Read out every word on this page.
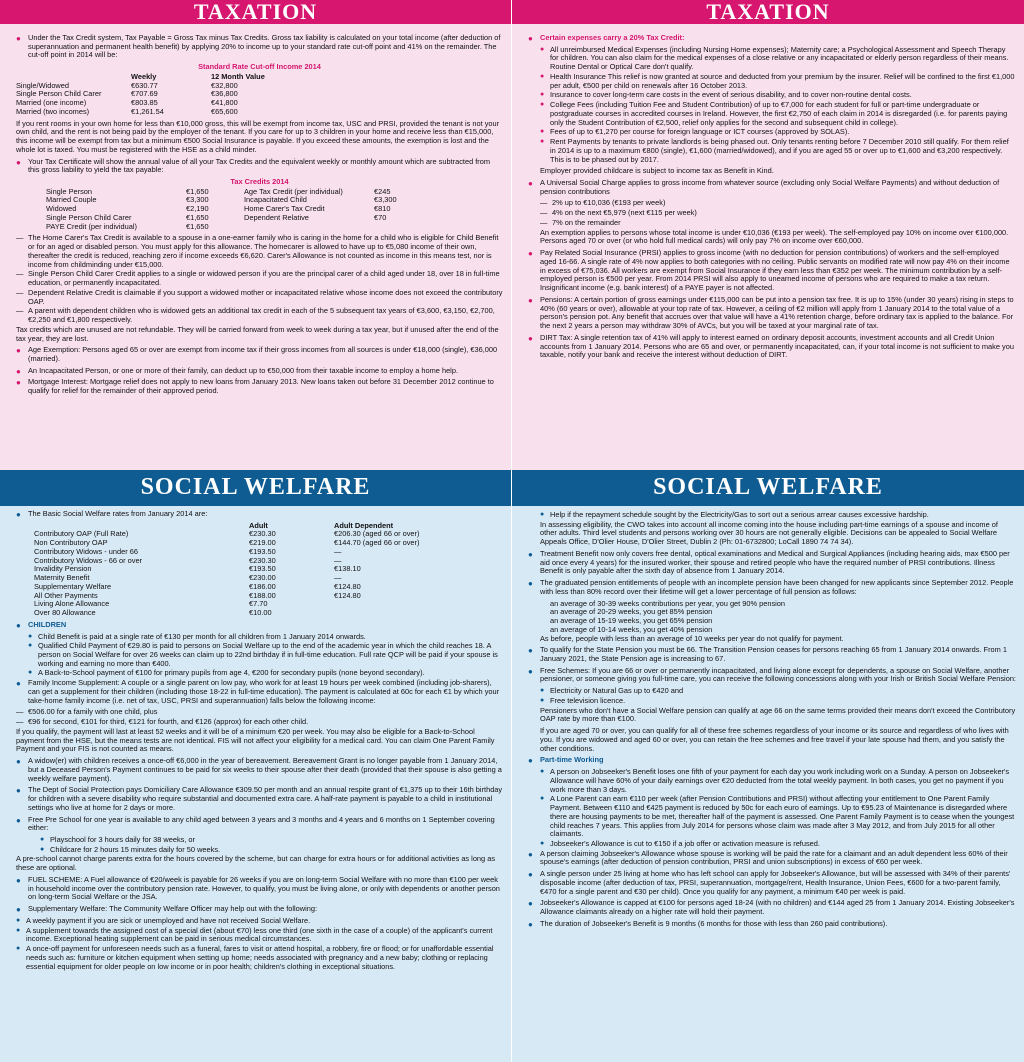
TAXATION
● Under the Tax Credit system, Tax Payable = Gross Tax minus Tax Credits. Gross tax liability is calculated on your total income (after deduction of superannuation and permanent health benefit) by applying 20% to income up to your standard rate cut-off point and 41% on the remainder. The cut-off point in 2014 will be:
Standard Rate Cut-off Income 2014
	Weekly	12 Month Value
Single/Widowed	€630.77	€32,800
Single Person Child Carer	€707.69	€36,800
Married (one income)	€803.85	€41,800
Married (two incomes)	€1,261.54	€65,600

If you rent rooms in your own home for less than €10,000 gross, this will be exempt from income tax, USC and PRSI, provided the tenant is not your own child, and the rent is not being paid by the employer of the tenant. If you care for up to 3 children in your home and receive less than €15,000, this income will be exempt from tax but a minimum €500 Social Insurance is payable. If you exceed these amounts, the exemption is lost and the whole lot is taxed. You must be registered with the HSE as a child minder.

● Your Tax Certificate will show the annual value of all your Tax Credits and the equivalent weekly or monthly amount which are subtracted from this gross liability to yield the tax payable:
Tax Credits 2014
Single Person	€1,650	Age Tax Credit (per individual)	€245
Married Couple	€3,300	Incapacitated Child	€3,300
Widowed	€2,190	Home Carer's Tax Credit	€810
Single Person Child Carer	€1,650	Dependent Relative	€70
PAYE Credit (per individual)	€1,650		
— The Home Carer's Tax Credit is available to a spouse in a one-earner family who is caring in the home for a child who is eligible for Child Benefit or for an aged or disabled person. You must apply for this allowance. The homecarer is allowed to have up to €5,080 income of their own, thereafter the credit is reduced, reaching zero if income exceeds €6,620. Carer's Allowance is not counted as income in this means test, nor is income from childminding under €15,000.
— Single Person Child Carer Credit applies to a single or widowed person if you are the principal carer of a child aged under 18, over 18 in full-time education, or permanently incapacitated.
— Dependent Relative Credit is claimable if you support a widowed mother or incapacitated relative whose income does not exceed the contributory OAP.
— A parent with dependent children who is widowed gets an additional tax credit in each of the 5 subsequent tax years of €3,600, €3,150, €2,700, €2,250 and €1,800 respectively.

Tax credits which are unused are not refundable. They will be carried forward from week to week during a tax year, but if unused after the end of the tax year, they are lost.

● Age Exemption: Persons aged 65 or over are exempt from income tax if their gross incomes from all sources is under €18,000 (single), €36,000 (married).
● An Incapacitated Person, or one or more of their family, can deduct up to €50,000 from their taxable income to employ a home help.
● Mortgage Interest: Mortgage relief does not apply to new loans from January 2013. New loans taken out before 31 December 2012 continue to qualify for relief for the remainder of their approved period.
TAXATION
● Certain expenses carry a 20% Tax Credit:
● All unreimbursed Medical Expenses (including Nursing Home expenses); Maternity care; a Psychological Assessment and Speech Therapy for children. You can also claim for the medical expenses of a close relative or any incapacitated or elderly person regardless of their means. Routine Dental or Optical Care don't qualify.
● Health Insurance This relief is now granted at source and deducted from your premium by the insurer. Relief will be confined to the first €1,000 per adult, €500 per child on renewals after 16 October 2013.
● Insurance to cover long-term care costs in the event of serious disability, and to cover non-routine dental costs.
● College Fees (including Tuition Fee and Student Contribution) of up to €7,000 for each student for full or part-time undergraduate or postgraduate courses in accredited courses in Ireland. However, the first €2,750 of each claim in 2014 is disregarded (i.e. for parents paying only the Student Contribution of €2,500, relief only applies for the second and subsequent child in college).
● Fees of up to €1,270 per course for foreign language or ICT courses (approved by SOLAS).
● Rent Payments by tenants to private landlords is being phased out. Only tenants renting before 7 December 2010 still qualify. For them relief in 2014 is up to a maximum €800 (single), €1,600 (married/widowed), and if you are aged 55 or over up to €1,600 and €3,200 respectively. This is to be phased out by 2017.

Employer provided childcare is subject to income tax as Benefit in Kind.

● A Universal Social Charge applies to gross income from whatever source (excluding only Social Welfare Payments) and without deduction of pension contributions
— 2% up to €10,036 (€193 per week)
— 4% on the next €5,979 (next €115 per week)
— 7% on the remainder

An exemption applies to persons whose total income is under €10,036 (€193 per week). The self-employed pay 10% on income over €100,000. Persons aged 70 or over (or who hold full medical cards) will only pay 7% on income over €60,000.

● Pay Related Social Insurance (PRSI) applies to gross income (with no deduction for pension contributions) of workers and the self-employed aged 16-66. A single rate of 4% now applies to both categories with no ceiling. Public servants on modified rate will now pay 4% on their income in excess of €75,036. All workers are exempt from Social Insurance if they earn less than €352 per week. The minimum contribution by a self-employed person is €500 per year. From 2014 PRSI will also apply to unearned income of persons who are required to make a tax return. Insignificant income (e.g. bank interest) of a PAYE payer is not affected.
● Pensions: A certain portion of gross earnings under €115,000 can be put into a pension tax free. It is up to 15% (under 30 years) rising in steps to 40% (60 years or over), allowable at your top rate of tax. However, a ceiling of €2 million will apply from 1 January 2014 to the total value of a person's pension pot. Any benefit that accrues over that value will have a 41% retention charge, before ordinary tax is applied to the balance. For the next 2 years a person may withdraw 30% of AVCs, but you will be taxed at your marginal rate of tax.
● DIRT Tax: A single retention tax of 41% will apply to interest earned on ordinary deposit accounts, investment accounts and all Credit Union accounts from 1 January 2014. Persons who are 65 and over, or permanently incapacitated, can, if your total income is not sufficient to make you taxable, notify your bank and receive the interest without deduction of DIRT.
SOCIAL WELFARE
● The Basic Social Welfare rates from January 2014 are:
	Adult	Adult Dependent
Contributory OAP (Full Rate)	€230.30	€206.30 (aged 66 or over)
Non Contributory OAP	€219.00	€144.70 (aged 66 or over)
Contributory Widows - under 66	€193.50	—
Contributory Widows - 66 or over	€230.30	—
Invalidity Pension	€193.50	€138.10
Maternity Benefit	€230.00	—
Supplementary Welfare	€186.00	€124.80
All Other Payments	€188.00	€124.80
Living Alone Allowance	€7.70	
Over 80 Allowance	€10.00	
● CHILDREN
● Child Benefit is paid at a single rate of €130 per month for all children from 1 January 2014 onwards.
● Qualified Child Payment of €29.80 is paid to persons on Social Welfare up to the end of the academic year in which the child reaches 18. A person on Social Welfare for over 26 weeks can claim up to 22nd birthday if in full-time education. Full rate QCP will be paid if your spouse is working and earning no more than €400.
● A Back-to-School payment of €100 for primary pupils from age 4, €200 for secondary pupils (none beyond secondary).
● Family Income Supplement: A couple or a single parent on low pay, who work for at least 19 hours per week combined (including job-sharers), can get a supplement for their children (including those 18-22 in full-time education). The payment is calculated at 60c for each €1 by which your take-home family income (i.e. net of tax, USC, PRSI and superannuation) falls below the following income:
— €506.00 for a family with one child, plus
— €96 for second, €101 for third, €121 for fourth, and €126 (approx) for each other child.

If you qualify, the payment will last at least 52 weeks and it will be of a minimum €20 per week. You may also be eligible for a Back-to-School payment from the HSE, but the means tests are not identical. FIS will not affect your eligibility for a medical card. You can claim One Parent Family Payment and your FIS is not counted as means.

● A widow(er) with children receives a once-off €6,000 in the year of bereavement. Bereavement Grant is no longer payable from 1 January 2014, but a Deceased Person's Payment continues to be paid for six weeks to their spouse after their death (provided that their spouse is also getting a weekly welfare payment).
● The Dept of Social Protection pays Domiciliary Care Allowance €309.50 per month and an annual respite grant of €1,375 up to their 16th birthday for children with a severe disability who require substantial and documented extra care. A half-rate payment is payable to a child in institutional settings who live at home for 2 days or more.
● Free Pre School for one year is available to any child aged between 3 years and 3 months and 4 years and 6 months on 1 September covering either:
● Playschool for 3 hours daily for 38 weeks, or
● Childcare for 2 hours 15 minutes daily for 50 weeks.

A pre-school cannot charge parents extra for the hours covered by the scheme, but can charge for extra hours or for additional activities as long as these are optional.

● FUEL SCHEME: A Fuel allowance of €20/week is payable for 26 weeks if you are on long-term Social Welfare with no more than €100 per week in household income over the contributory pension rate. However, to qualify, you must be living alone, or only with dependents or another person on long-term Social Welfare or the JSA.
● Supplementary Welfare: The Community Welfare Officer may help out with the following:
● A weekly payment if you are sick or unemployed and have not received Social Welfare.
● A supplement towards the assigned cost of a special diet (about €70) less one third (one sixth in the case of a couple) of the applicant's current income. Exceptional heating supplement can be paid in serious medical circumstances.
● A once-off payment for unforeseen needs such as a funeral, fares to visit or attend hospital, a robbery, fire or flood; or for unaffordable essential needs such as: furniture or kitchen equipment when setting up home; needs associated with pregnancy and a new baby; clothing or replacing essential equipment for older people on low income or in poor health; children's clothing in exceptional situations.
SOCIAL WELFARE
● Help if the repayment schedule sought by the Electricity/Gas to sort out a serious arrear causes excessive hardship.

In assessing eligibility, the CWO takes into account all income coming into the house including part-time earnings of a spouse and income of other adults. Third level students and persons working over 30 hours are not generally eligible. Decisions can be appealed to Social Welfare Appeals Office, D'Olier House, D'Olier Street, Dublin 2 (Ph: 01-6732800; LoCall 1890 74 74 34).

● Treatment Benefit now only covers free dental, optical examinations and Medical and Surgical Appliances (including hearing aids, max €500 per aid once every 4 years) for the insured worker, their spouse and retired people who have the required number of PRSI contributions. Illness Benefit is only payable after the sixth day of absence from 1 January 2014.
● The graduated pension entitlements of people with an incomplete pension have been changed for new applicants since September 2012. People with less than 80% record over their lifetime will get a lower percentage of full pension as follows:
an average of 30-39 weeks contributions per year, you get 90% pension
an average of 20-29 weeks, you get 85% pension
an average of 15-19 weeks, you get 65% pension
an average of 10-14 weeks, you get 40% pension

As before, people with less than an average of 10 weeks per year do not qualify for payment.

● To qualify for the State Pension you must be 66. The Transition Pension ceases for persons reaching 65 from 1 January 2014 onwards. From 1 January 2021, the State Pension age is increasing to 67.
● Free Schemes: If you are 66 or over or permanently incapacitated, and living alone except for dependents, a spouse on Social Welfare, another pensioner, or someone giving you full-time care, you can receive the following concessions along with your Irish or British Social Welfare Pension:
● Electricity or Natural Gas up to €420 and
● Free television licence.

Pensioners who don't have a Social Welfare pension can qualify at age 66 on the same terms provided their means don't exceed the Contributory OAP rate by more than €100.

If you are aged 70 or over, you can qualify for all of these free schemes regardless of your income or its source and regardless of who lives with you. If you are widowed and aged 60 or over, you can retain the free schemes and free travel if your late spouse had them, and you satisfy the other conditions.

● Part-time Working
● A person on Jobseeker's Benefit loses one fifth of your payment for each day you work including work on a Sunday. A person on Jobseeker's Allowance will have 60% of your daily earnings over €20 deducted from the total weekly payment. In both cases, you get no payment if you work more than 3 days.
● A Lone Parent can earn €110 per week (after Pension Contributions and PRSI) without affecting your entitlement to One Parent Family Payment. Between €110 and €425 payment is reduced by 50c for each euro of earnings. Up to €95.23 of Maintenance is disregarded where there are housing payments to be met, thereafter half of the payment is assessed. One Parent Family Payment is to cease when the youngest child reaches 7 years. This applies from July 2014 for persons whose claim was made after 3 May 2012, and from July 2015 for all other claimants.
● Jobseeker's Allowance is cut to €150 if a job offer or activation measure is refused.
● A person claiming Jobseeker's Allowance whose spouse is working will be paid the rate for a claimant and an adult dependent less 60% of their spouse's earnings (after deduction of pension contribution, PRSI and union subscriptions) in excess of €60 per week.
● A single person under 25 living at home who has left school can apply for Jobseeker's Allowance, but will be assessed with 34% of their parents' disposable income (after deduction of tax, PRSI, superannuation, mortgage/rent, Health Insurance, Union Fees, €600 for a two-parent family, €470 for a single parent and €30 per child). Once you qualify for any payment, a minimum €40 per week is paid.
● Jobseeker's Allowance is capped at €100 for persons aged 18-24 (with no children) and €144 aged 25 from 1 January 2014. Existing Jobseeker's Allowance claimants already on a higher rate will hold their payment.
● The duration of Jobseeker's Benefit is 9 months (6 months for those with less than 260 paid contributions).
